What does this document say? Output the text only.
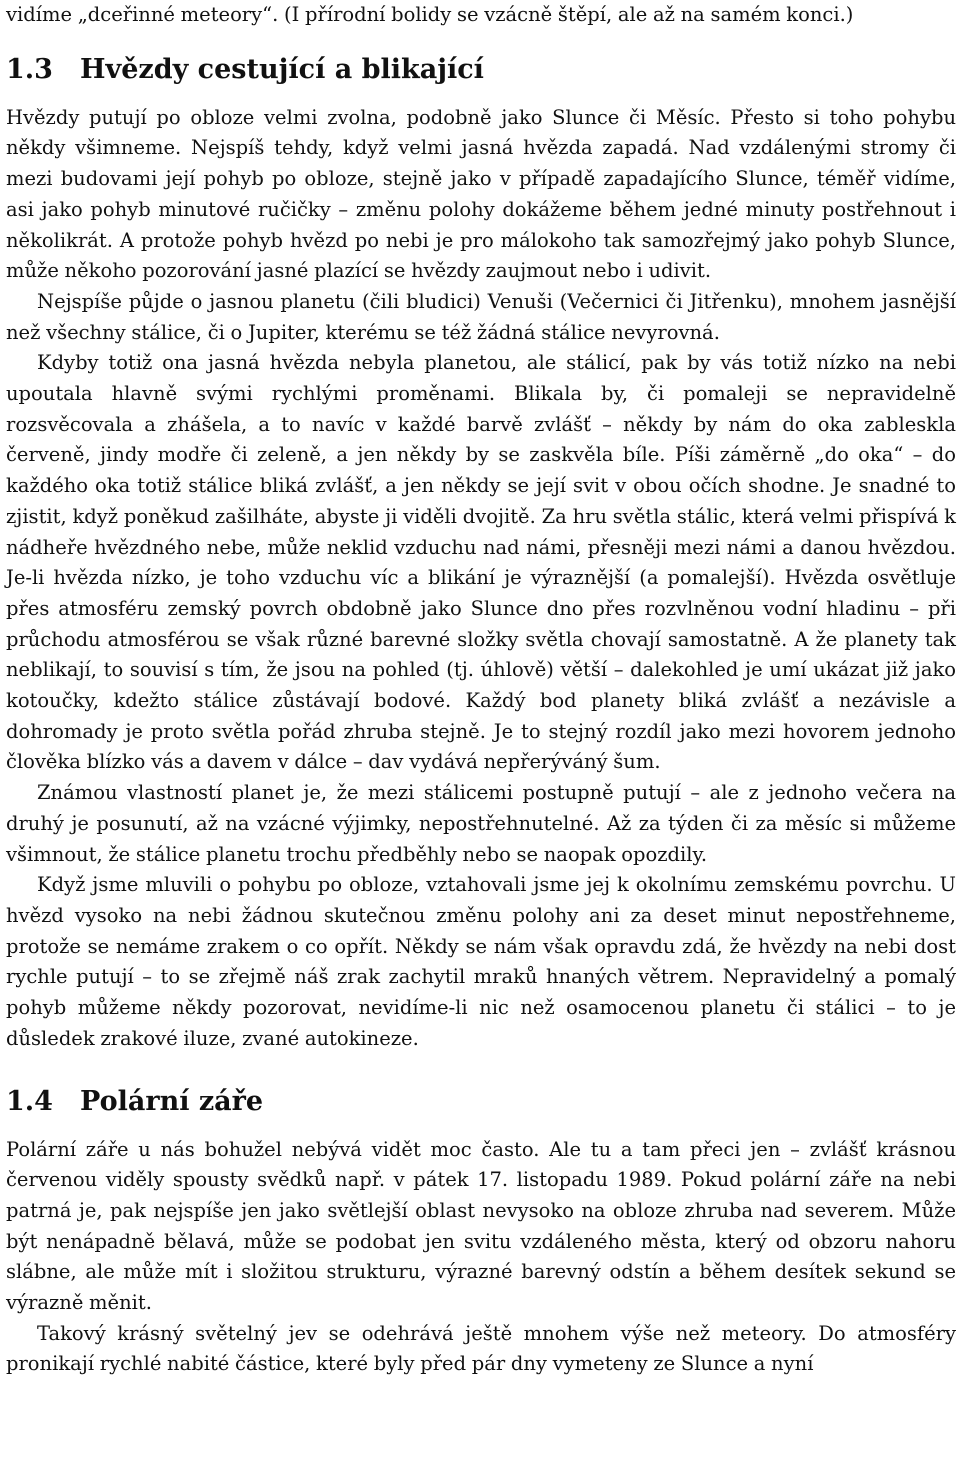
vidíme „dceřinné meteory“. (I přírodní bolidy se vzácně štěpí, ale až na samém konci.)

1.3	Hvězdy cestující a blikající

Hvězdy putují po obloze velmi zvolna, podobně jako Slunce či Měsíc. Přesto si toho pohybu někdy všimneme. Nejspíš tehdy, když velmi jasná hvězda zapadá. Nad vzdálenými stromy či mezi budovami její pohyb po obloze, stejně jako v případě zapadajícího Slunce, téměř vidíme, asi jako pohyb minutové ručičky – změnu polohy dokážeme během jedné minuty postřehnout i několikrát. A protože pohyb hvězd po nebi je pro málokoho tak samozřejmý jako pohyb Slunce, může někoho pozorování jasné plazící se hvězdy zaujmout nebo i udivit.

Nejspíše půjde o jasnou planetu (čili bludici) Venuši (Večernici či Jitřenku), mnohem jasnější než všechny stálice, či o Jupiter, kterému se též žádná stálice nevyrovná.

Kdyby totiž ona jasná hvězda nebyla planetou, ale stálicí, pak by vás totiž nízko na nebi upoutala hlavně svými rychlými proměnami. Blikala by, či pomaleji se nepravidelně rozsvěcovala a zhášela, a to navíc v každé barvě zvlášť – někdy by nám do oka zableskla červeně, jindy modře či zeleně, a jen někdy by se zaskvěla bíle. Píši záměrně „do oka“ – do každého oka totiž stálice bliká zvlášť, a jen někdy se její svit v obou očích shodne. Je snadné to zjistit, když poněkud zašilháte, abyste ji viděli dvojitě. Za hru světla stálic, která velmi přispívá k nádheře hvězdného nebe, může neklid vzduchu nad námi, přesněji mezi námi a danou hvězdou. Je-li hvězda nízko, je toho vzduchu víc a blikání je výraznější (a pomalejší). Hvězda osvětluje přes atmosféru zemský povrch obdobně jako Slunce dno přes rozvlněnou vodní hladinu – při průchodu atmosférou se však různé barevné složky světla chovají samostatně. A že planety tak neblikají, to souvisí s tím, že jsou na pohled (tj. úhlově) větší – dalekohled je umí ukázat již jako kotoučky, kdežto stálice zůstávají bodové. Každý bod planety bliká zvlášť a nezávisle a dohromady je proto světla pořád zhruba stejně. Je to stejný rozdíl jako mezi hovorem jednoho člověka blízko vás a davem v dálce – dav vydává nepřerýváný šum.

Známou vlastností planet je, že mezi stálicemi postupně putují – ale z jednoho večera na druhý je posunutí, až na vzácné výjimky, nepostřehnutelné. Až za týden či za měsíc si můžeme všimnout, že stálice planetu trochu předběhly nebo se naopak opozdily.

Když jsme mluvili o pohybu po obloze, vztahovali jsme jej k okolnímu zemskému povrchu. U hvězd vysoko na nebi žádnou skutečnou změnu polohy ani za deset minut nepostřehneme, protože se nemáme zrakem o co opřít. Někdy se nám však opravdu zdá, že hvězdy na nebi dost rychle putují – to se zřejmě náš zrak zachytil mraků hnaných větrem. Nepravidelný a pomalý pohyb můžeme někdy pozorovat, nevidíme-li nic než osamocenou planetu či stálici – to je důsledek zrakové iluze, zvané autokineze.

1.4	Polární záře

Polární záře u nás bohužel nebývá vidět moc často. Ale tu a tam přeci jen – zvlášť krásnou červenou viděly spousty svědků např. v pátek 17. listopadu 1989. Pokud polární záře na nebi patrná je, pak nejspíše jen jako světlejší oblast nevysoko na obloze zhruba nad severem. Může být nenápadně bělavá, může se podobat jen svitu vzdáleného města, který od obzoru nahoru slábne, ale může mít i složitou strukturu, výrazné barevný odstín a během desítek sekund se výrazně měnit.

Takový krásný světelný jev se odehrává ještě mnohem výše než meteory. Do atmosféry pronikají rychlé nabité částice, které byly před pár dny vymeteny ze Slunce a nyní
